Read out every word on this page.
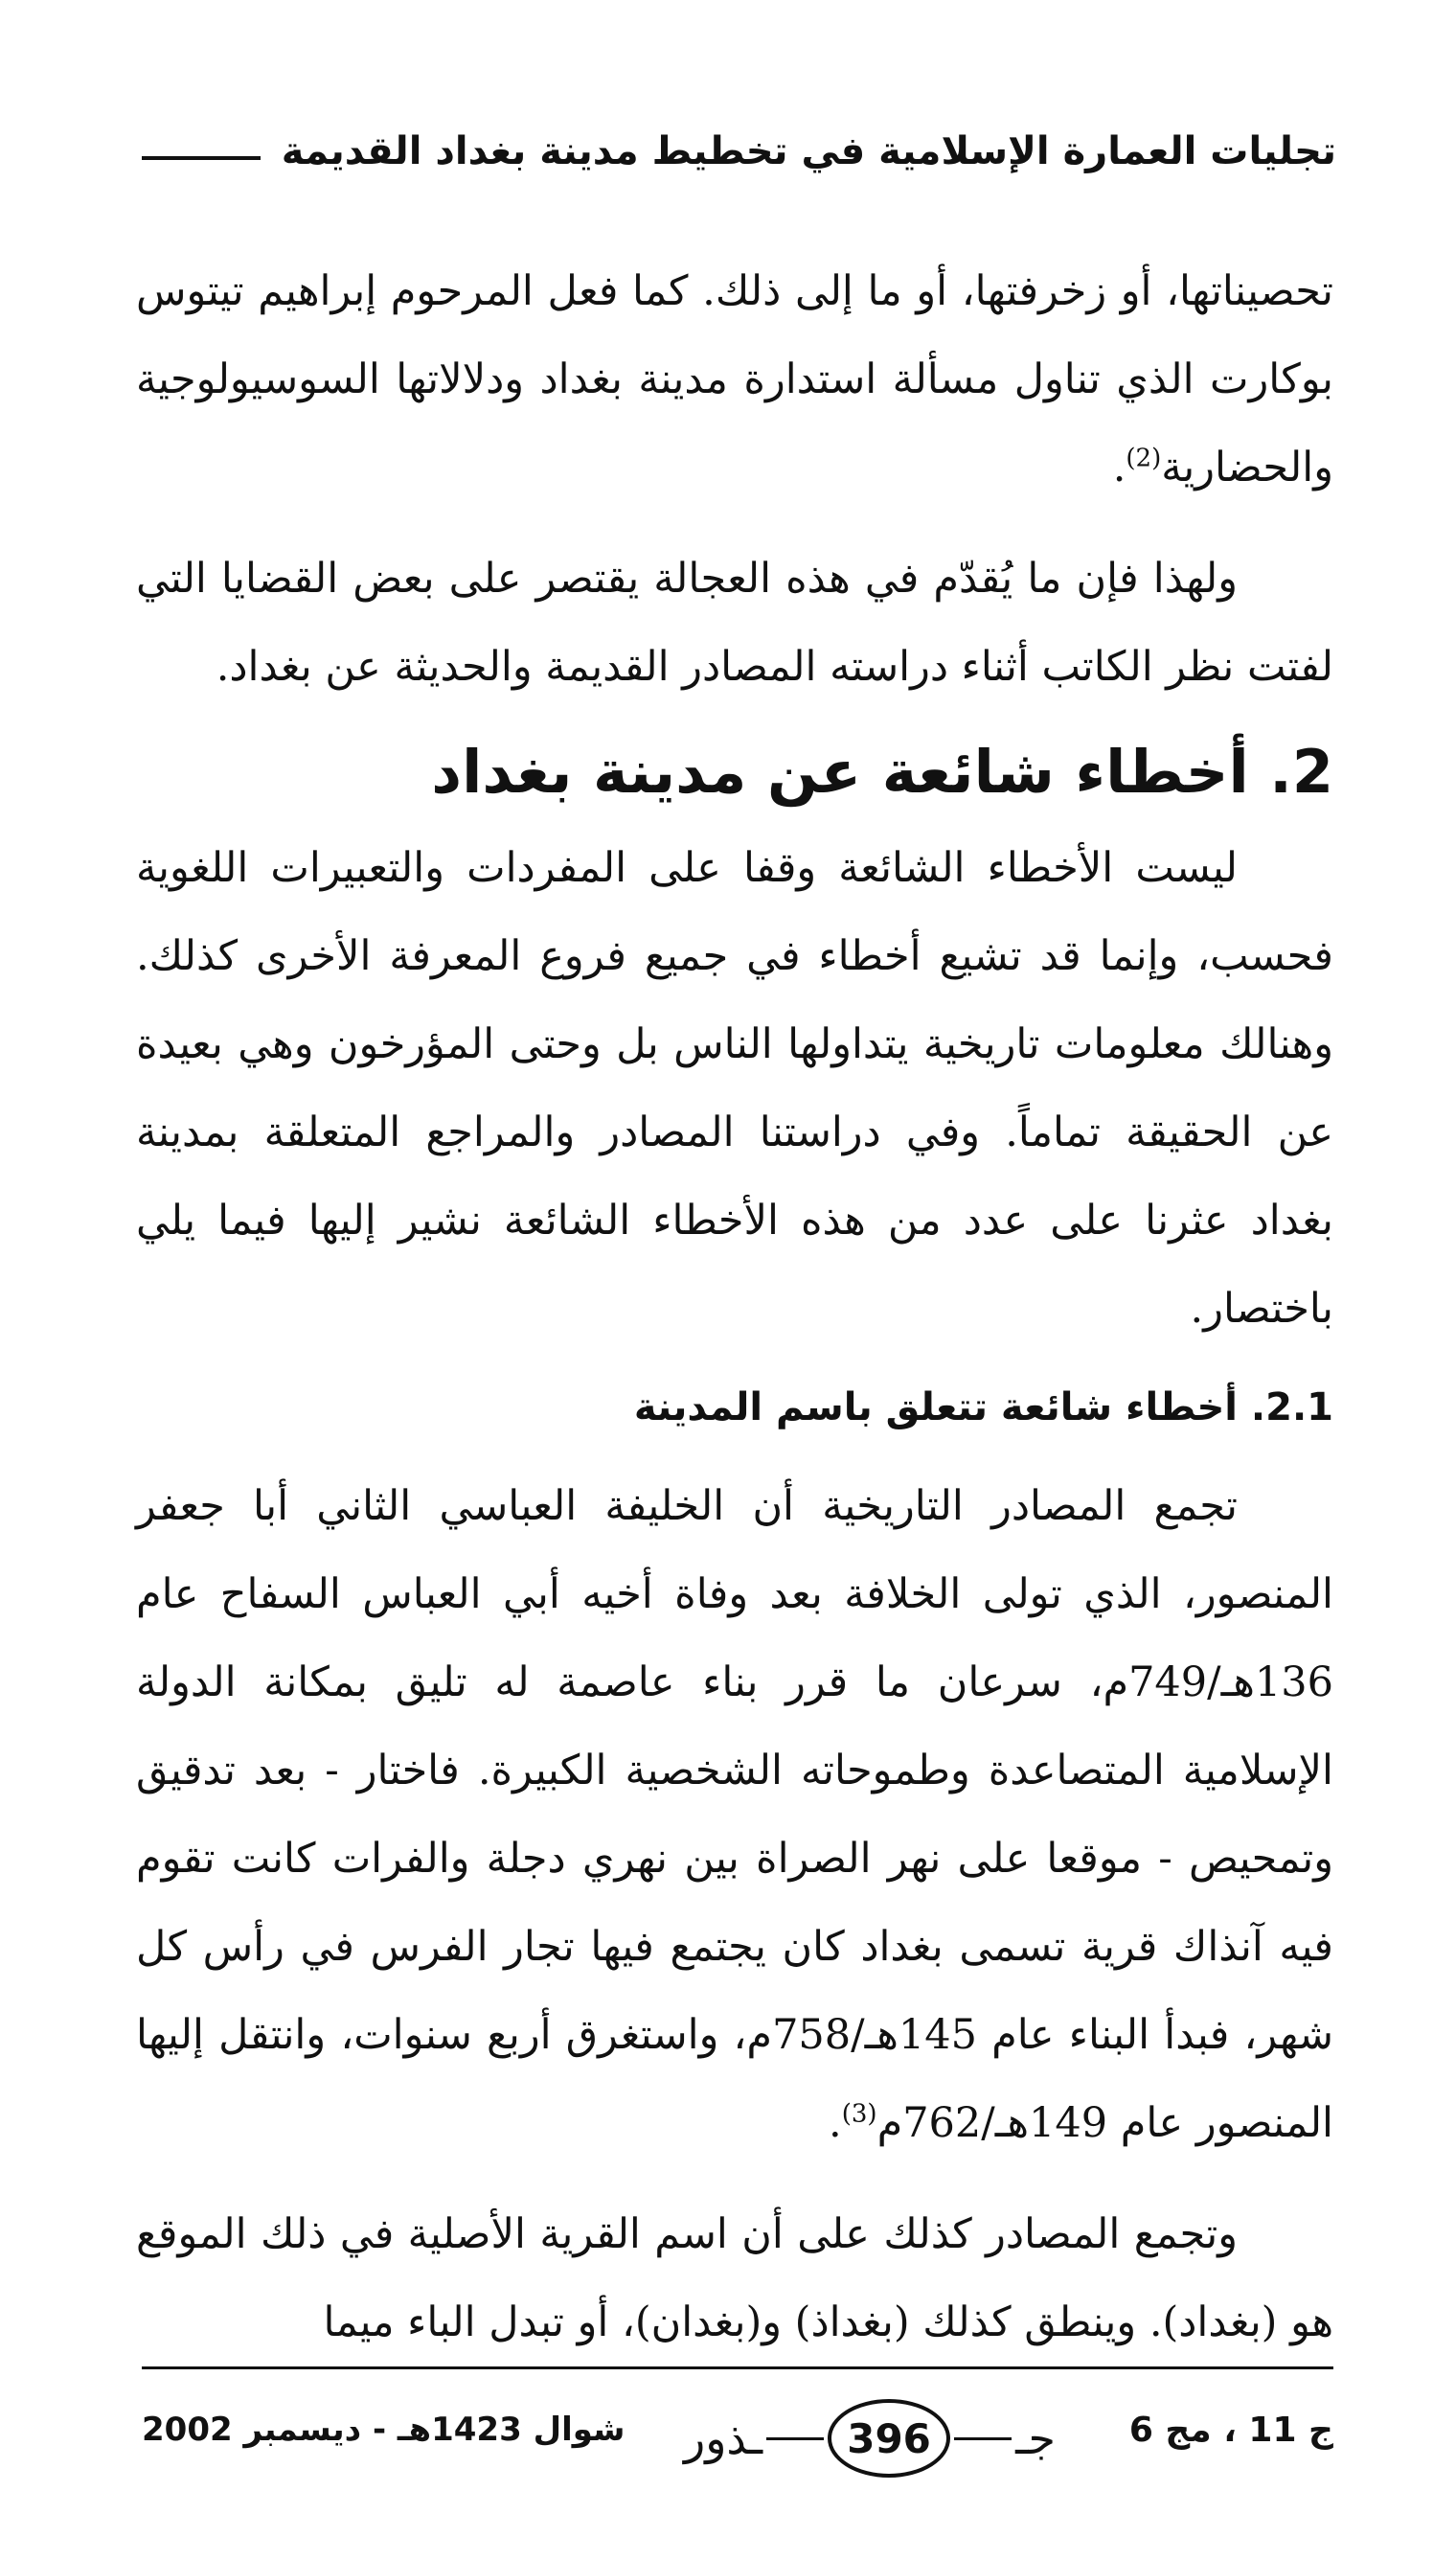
تجليات العمارة الإسلامية في تخطيط مدينة بغداد القديمة

تحصيناتها، أو زخرفتها، أو ما إلى ذلك. كما فعل المرحوم إبراهيم تيتوس بوكارت الذي تناول مسألة استدارة مدينة بغداد ودلالاتها السوسيولوجية والحضارية$^{(2)}$.

ولهذا فإن ما يُقدّم في هذه العجالة يقتصر على بعض القضايا التي لفتت نظر الكاتب أثناء دراسته المصادر القديمة والحديثة عن بغداد.

2. أخطاء شائعة عن مدينة بغداد

ليست الأخطاء الشائعة وقفا على المفردات والتعبيرات اللغوية فحسب، وإنما قد تشيع أخطاء في جميع فروع المعرفة الأخرى كذلك. وهنالك معلومات تاريخية يتداولها الناس بل وحتى المؤرخون وهي بعيدة عن الحقيقة تماماً. وفي دراستنا المصادر والمراجع المتعلقة بمدينة بغداد عثرنا على عدد من هذه الأخطاء الشائعة نشير إليها فيما يلي باختصار.

2.1. أخطاء شائعة تتعلق باسم المدينة

تجمع المصادر التاريخية أن الخليفة العباسي الثاني أبا جعفر المنصور، الذي تولى الخلافة بعد وفاة أخيه أبي العباس السفاح عام 136هـ/749م، سرعان ما قرر بناء عاصمة له تليق بمكانة الدولة الإسلامية المتصاعدة وطموحاته الشخصية الكبيرة. فاختار - بعد تدقيق وتمحيص - موقعا على نهر الصراة بين نهري دجلة والفرات كانت تقوم فيه آنذاك قرية تسمى بغداد كان يجتمع فيها تجار الفرس في رأس كل شهر، فبدأ البناء عام 145هـ/758م، واستغرق أربع سنوات، وانتقل إليها المنصور عام 149هـ/762م$^{(3)}$.

وتجمع المصادر كذلك على أن اسم القرية الأصلية في ذلك الموقع هو (بغداد). وينطق كذلك (بغداذ) و(بغدان)، أو تبدل الباء ميما

ج 11 ، مج 6
ـذور	396	جـ
شوال 1423هـ - ديسمبر 2002
